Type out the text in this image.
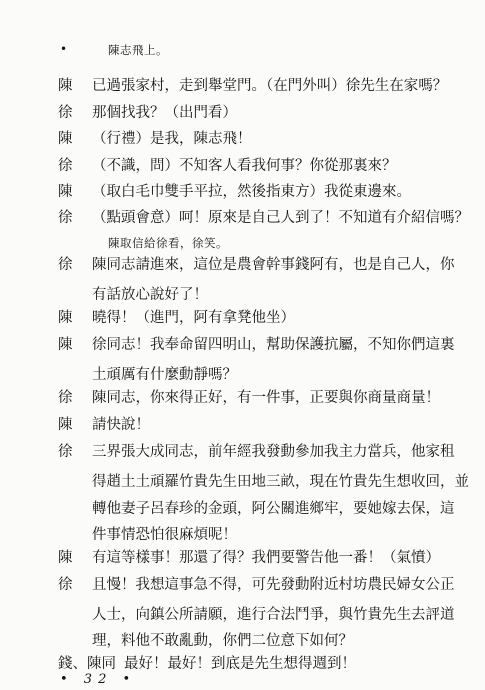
•	陳志飛上。
陳	已過張家村，走到舉堂門。（在門外叫）徐先生在家嗎？
徐	那個找我？（出門看）
陳	（行禮）是我，陳志飛！
徐	（不識，問）不知客人看我何事？你從那裏來？
陳	（取白毛巾雙手平拉，然後指東方）我從東邊來。
徐	（點頭會意）呵！原來是自己人到了！不知道有介紹信嗎？
陳取信給徐看，徐笑。
徐	陳同志請進來，這位是農會幹事錢阿有，也是自己人，你
有話放心說好了！
陳	曉得！（進門，阿有拿凳他坐）
陳	徐同志！我奉命留四明山，幫助保護抗屬，不知你們這裏
土頑厲有什麼動靜嗎？
徐	陳同志，你來得正好，有一件事，正要與你商量商量！
陳	請快說！
徐	三界張大成同志，前年經我發動參加我主力當兵，他家租
得趙土土頑羅竹貴先生田地三畝，現在竹貴先生想收回，並
轉他妻子呂春珍的金頭，阿公關進鄉牢，要她嫁去保，這
件事情恐怕很麻煩呢！
陳	有這等樣事！那還了得？我們要警告他一番！（氣憤）
徐	且慢！我想這事急不得，可先發動附近村坊農民婦女公正
人士，向鎮公所請願，進行合法鬥爭，與竹貴先生去評道
理，料他不敢亂動，你們二位意下如何？
錢、陳同 最好！最好！到底是先生想得週到！
• 32 •
